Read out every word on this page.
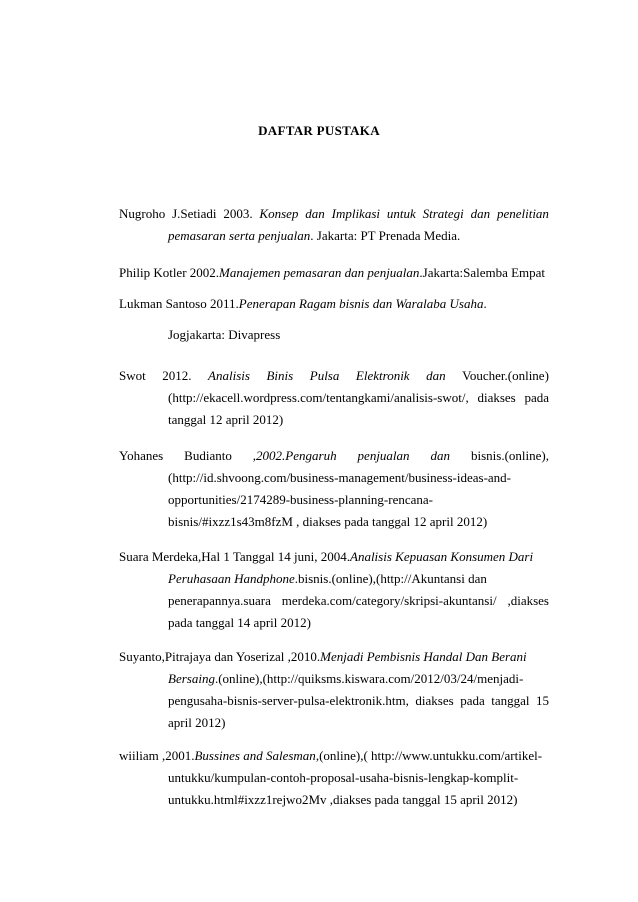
DAFTAR PUSTAKA
Nugroho J.Setiadi 2003. Konsep dan Implikasi untuk Strategi dan penelitian
pemasaran serta penjualan. Jakarta: PT Prenada Media.
Philip Kotler 2002.Manajemen pemasaran dan penjualan.Jakarta:Salemba Empat
Lukman Santoso 2011.Penerapan Ragam bisnis dan Waralaba Usaha.
Jogjakarta: Divapress
Swot 2012. Analisis Binis Pulsa Elektronik dan Voucher.(online)
(http://ekacell.wordpress.com/tentangkami/analisis-swot/, diakses pada
tanggal 12 april 2012)
Yohanes Budianto ,2002.Pengaruh penjualan dan bisnis.(online),
(http://id.shvoong.com/business-management/business-ideas-and-
opportunities/2174289-business-planning-rencana-
bisnis/#ixzz1s43m8fzM , diakses pada tanggal 12 april 2012)
Suara Merdeka,Hal 1 Tanggal 14 juni, 2004.Analisis Kepuasan Konsumen Dari
Peruhasaan Handphone.bisnis.(online),(http://Akuntansi dan
penerapannya.suara merdeka.com/category/skripsi-akuntansi/ ,diakses
pada tanggal 14 april 2012)
Suyanto,Pitrajaya dan Yoserizal ,2010.Menjadi Pembisnis Handal Dan Berani
Bersaing.(online),(http://quiksms.kiswara.com/2012/03/24/menjadi-
pengusaha-bisnis-server-pulsa-elektronik.htm, diakses pada tanggal 15
april 2012)
wiiliam ,2001.Bussines and Salesman,(online),( http://www.untukku.com/artikel-
untukku/kumpulan-contoh-proposal-usaha-bisnis-lengkap-komplit-
untukku.html#ixzz1rejwo2Mv ,diakses pada tanggal 15 april 2012)
